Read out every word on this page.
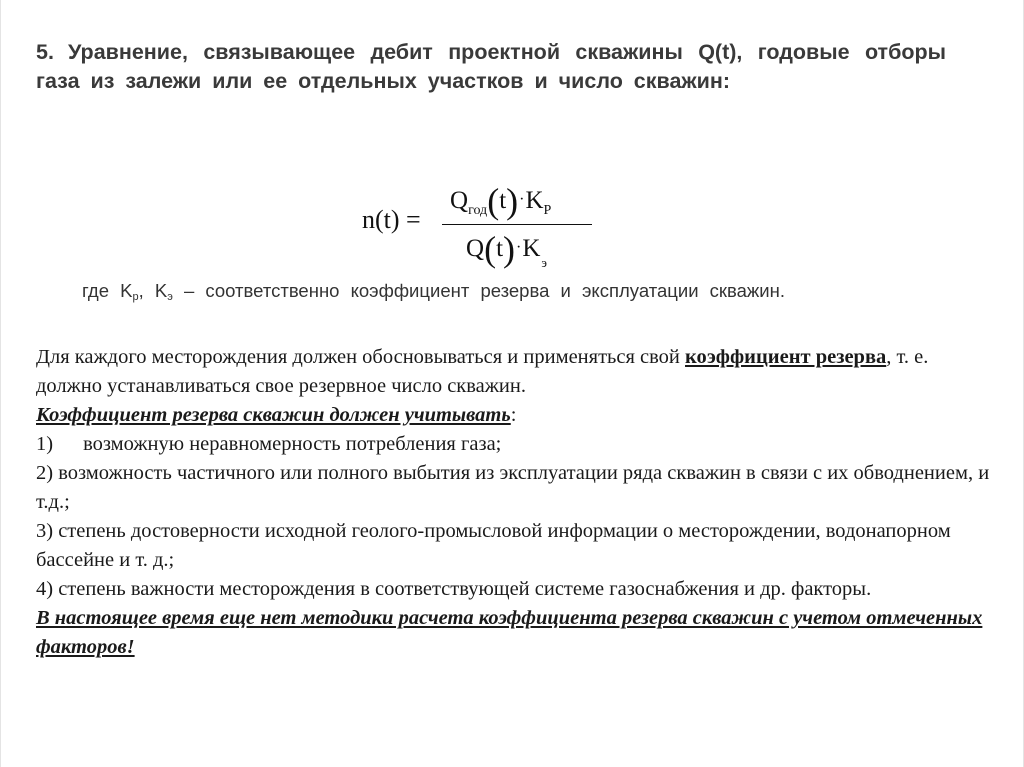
5. Уравнение, связывающее дебит проектной скважины Q(t), годовые отборы газа из залежи или ее отдельных участков и число скважин:
n(t) =
$Q_{год}(t)\cdot K_P$
$Q(t)\cdot K_э$
где $K_р$, $K_э$ – соответственно коэффициент резерва и эксплуатации скважин.

Для каждого месторождения должен обосновываться и применяться свой коэффициент резерва, т. е. должно устанавливаться свое резервное число скважин.

Коэффициент резерва скважин должен учитывать:

1) возможную неравномерность потребления газа;

2) возможность частичного или полного выбытия из эксплуатации ряда скважин в связи с их обводнением, и т.д.;

3) степень достоверности исходной геолого-промысловой информации о месторождении, водонапорном бассейне и т. д.;

4) степень важности месторождения в соответствующей системе газоснабжения и др. факторы.

В настоящее время еще нет методики расчета коэффициента резерва скважин с учетом отмеченных факторов!
